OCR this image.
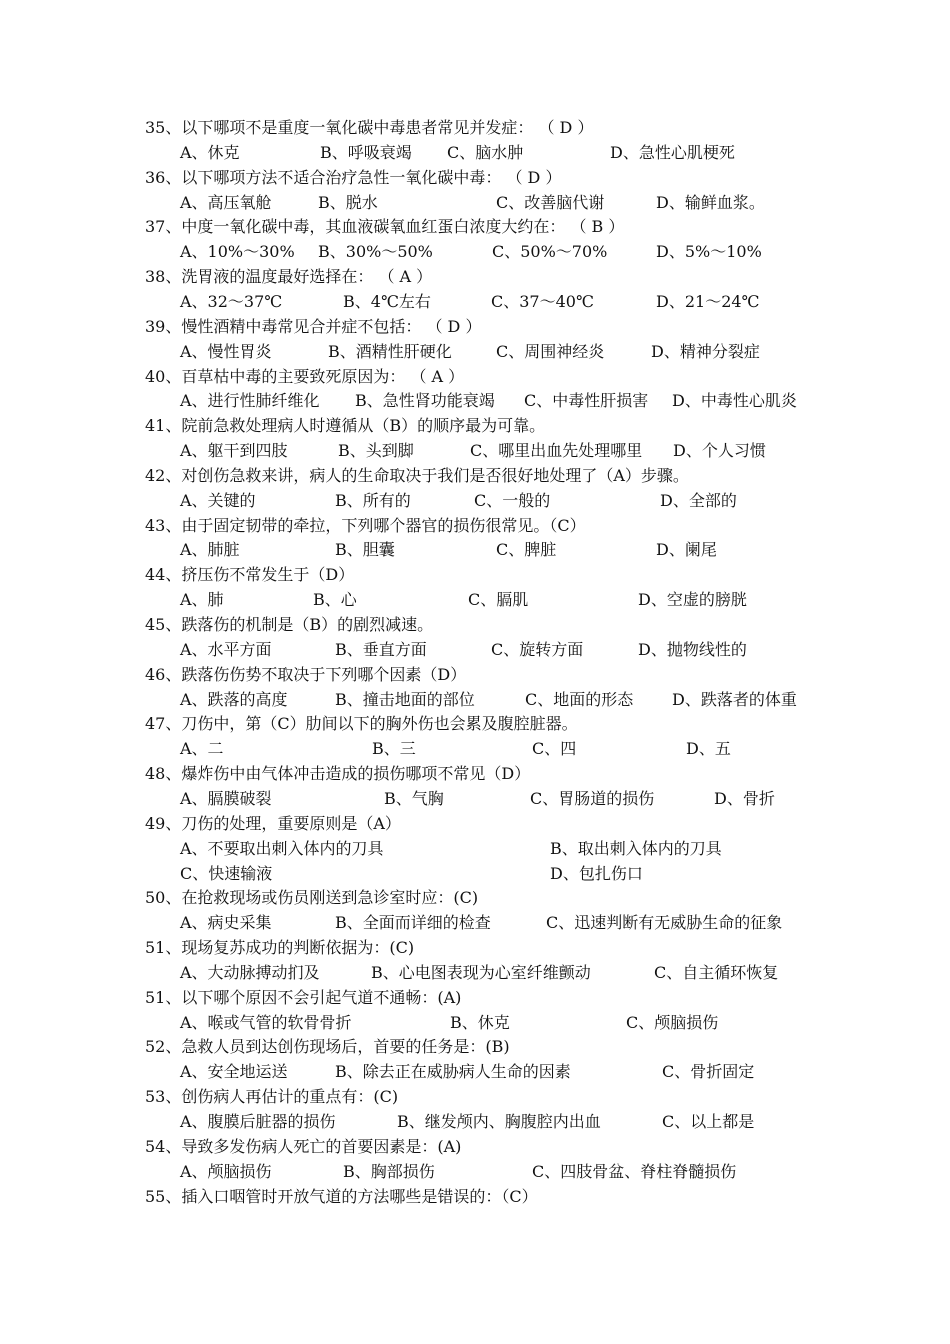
35、以下哪项不是重度一氧化碳中毒患者常见并发症： （ D ）
A、休克	B、呼吸衰竭 C、脑水肿	D、急性心肌梗死
36、以下哪项方法不适合治疗急性一氧化碳中毒： （ D ）
A、高压氧舱	B、脱水	C、改善脑代谢	D、输鲜血浆。
37、中度一氧化碳中毒，其血液碳氧血红蛋白浓度大约在： （ B ）
A、10%～30% B、30%～50%	C、50%～70%	D、5%～10%
38、洗胃液的温度最好选择在： （ A ）
A、32～37℃	B、4℃左右	C、37～40℃	D、21～24℃
39、慢性酒精中毒常见合并症不包括： （ D ）
A、慢性胃炎	B、酒精性肝硬化	C、周围神经炎	D、精神分裂症
40、百草枯中毒的主要致死原因为： （ A ）
A、进行性肺纤维化 B、急性肾功能衰竭 C、中毒性肝损害 D、中毒性心肌炎
41、院前急救处理病人时遵循从（B）的顺序最为可靠。
A、躯干到四肢	B、头到脚	C、哪里出血先处理哪里 D、个人习惯
42、对创伤急救来讲，病人的生命取决于我们是否很好地处理了（A）步骤。
A、关键的	B、所有的	C、一般的	D、全部的
43、由于固定韧带的牵拉，下列哪个器官的损伤很常见。（C）
A、肺脏	B、胆囊	C、脾脏	D、阑尾
44、挤压伤不常发生于（D）
A、肺	B、心	C、膈肌	D、空虚的膀胱
45、跌落伤的机制是（B）的剧烈减速。
A、水平方面	B、垂直方面	C、旋转方面	D、抛物线性的
46、跌落伤伤势不取决于下列哪个因素（D）
A、跌落的高度	B、撞击地面的部位	C、地面的形态 D、跌落者的体重
47、刀伤中，第（C）肋间以下的胸外伤也会累及腹腔脏器。
A、二	B、三	C、四	D、五
48、爆炸伤中由气体冲击造成的损伤哪项不常见（D）
A、膈膜破裂	B、气胸	C、胃肠道的损伤	D、骨折
49、刀伤的处理，重要原则是（A）
A、不要取出刺入体内的刀具	B、取出刺入体内的刀具
C、快速输液	D、包扎伤口
50、在抢救现场或伤员刚送到急诊室时应：(C)
A、病史采集	B、全面而详细的检查	C、迅速判断有无威胁生命的征象
51、现场复苏成功的判断依据为：(C)
A、大动脉搏动扪及	B、心电图表现为心室纤维颤动	C、自主循环恢复
51、以下哪个原因不会引起气道不通畅：(A)
A、喉或气管的软骨骨折	B、休克	C、颅脑损伤
52、急救人员到达创伤现场后，首要的任务是：(B)
A、安全地运送	B、除去正在威胁病人生命的因素	C、骨折固定
53、创伤病人再估计的重点有：(C)
A、腹膜后脏器的损伤	B、继发颅内、胸腹腔内出血	C、以上都是
54、导致多发伤病人死亡的首要因素是：(A)
A、颅脑损伤	B、胸部损伤	C、四肢骨盆、脊柱脊髓损伤
55、插入口咽管时开放气道的方法哪些是错误的：（C）
